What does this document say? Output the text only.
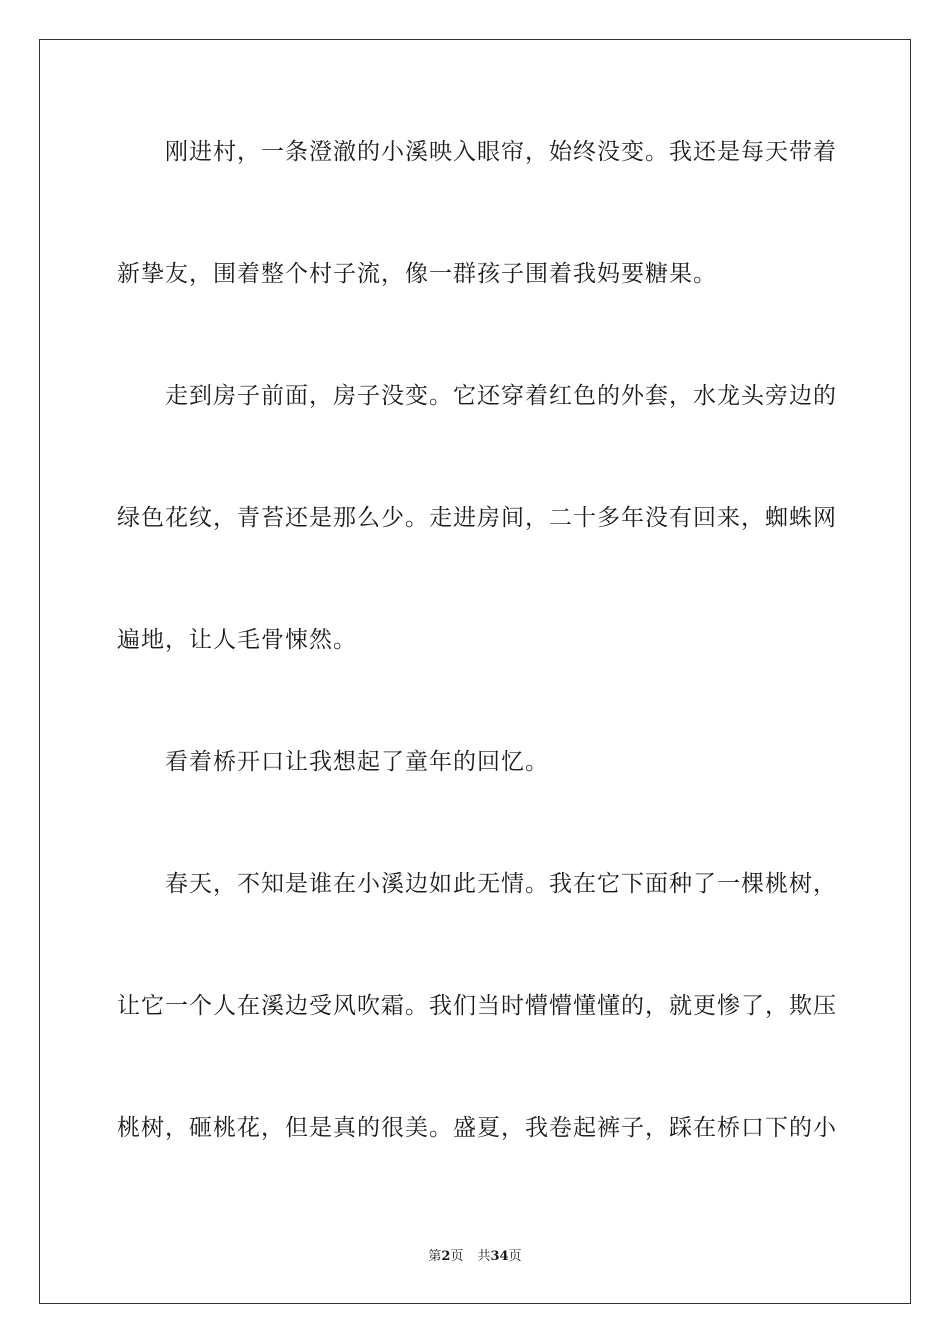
刚进村，一条澄澈的小溪映入眼帘，始终没变。我还是每天带着
新挚友，围着整个村子流，像一群孩子围着我妈要糖果。
走到房子前面，房子没变。它还穿着红色的外套，水龙头旁边的
绿色花纹，青苔还是那么少。走进房间，二十多年没有回来，蜘蛛网
遍地，让人毛骨悚然。
看着桥开口让我想起了童年的回忆。
春天，不知是谁在小溪边如此无情。我在它下面种了一棵桃树，
让它一个人在溪边受风吹霜。我们当时懵懵懂懂的，就更惨了，欺压
桃树，砸桃花，但是真的很美。盛夏，我卷起裤子，踩在桥口下的小
第2页 共34页
